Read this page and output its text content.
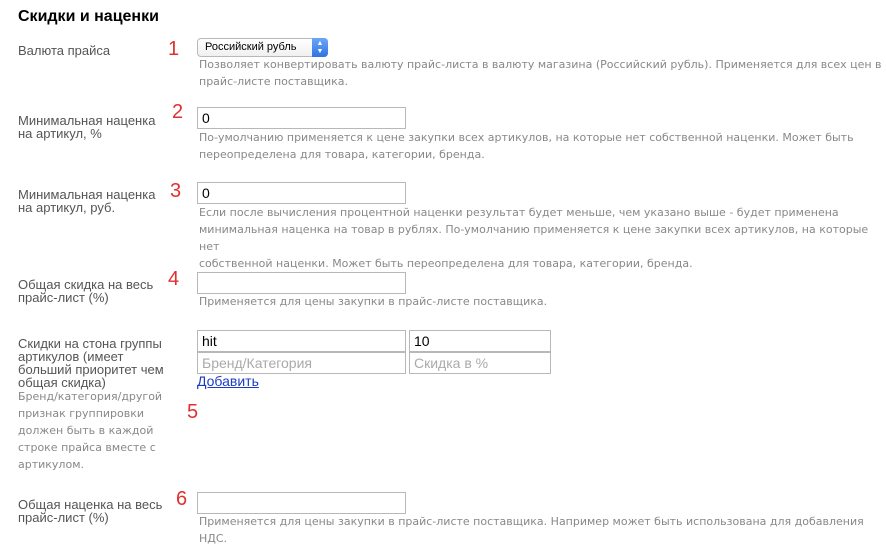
Скидки и наценки
Валюта прайса	1	Российский рубль	▲
▼
Позволяет конвертировать валюту прайс-листа в валюту магазина (Российский рубль). Применяется для всех цен в
прайс-листе поставщика.
Минимальная наценка
на артикул, %
2	0
По-умолчанию применяется к цене закупки всех артикулов, на которые нет собственной наценки. Может быть
переопределена для товара, категории, бренда.
Минимальная наценка
на артикул, руб.
3	0
Если после вычисления процентной наценки результат будет меньше, чем указано выше - будет применена
минимальная наценка на товар в рублях. По-умолчанию применяется к цене закупки всех артикулов, на которые нет
собственной наценки. Может быть переопределена для товара, категории, бренда.
Общая скидка на весь
прайс-лист (%)
4
Применяется для цены закупки в прайс-листе поставщика.
Скидки на стона группы
артикулов (имеет
больший приоритет чем
общая скидка)
Бренд/категория/другой
признак группировки
должен быть в каждой
строке прайса вместе с
артикулом.
5
hit	10
Бренд/Категория	Скидка в %
Добавить
Общая наценка на весь
прайс-лист (%)
6
Применяется для цены закупки в прайс-листе поставщика. Например может быть использована для добавления НДС.
